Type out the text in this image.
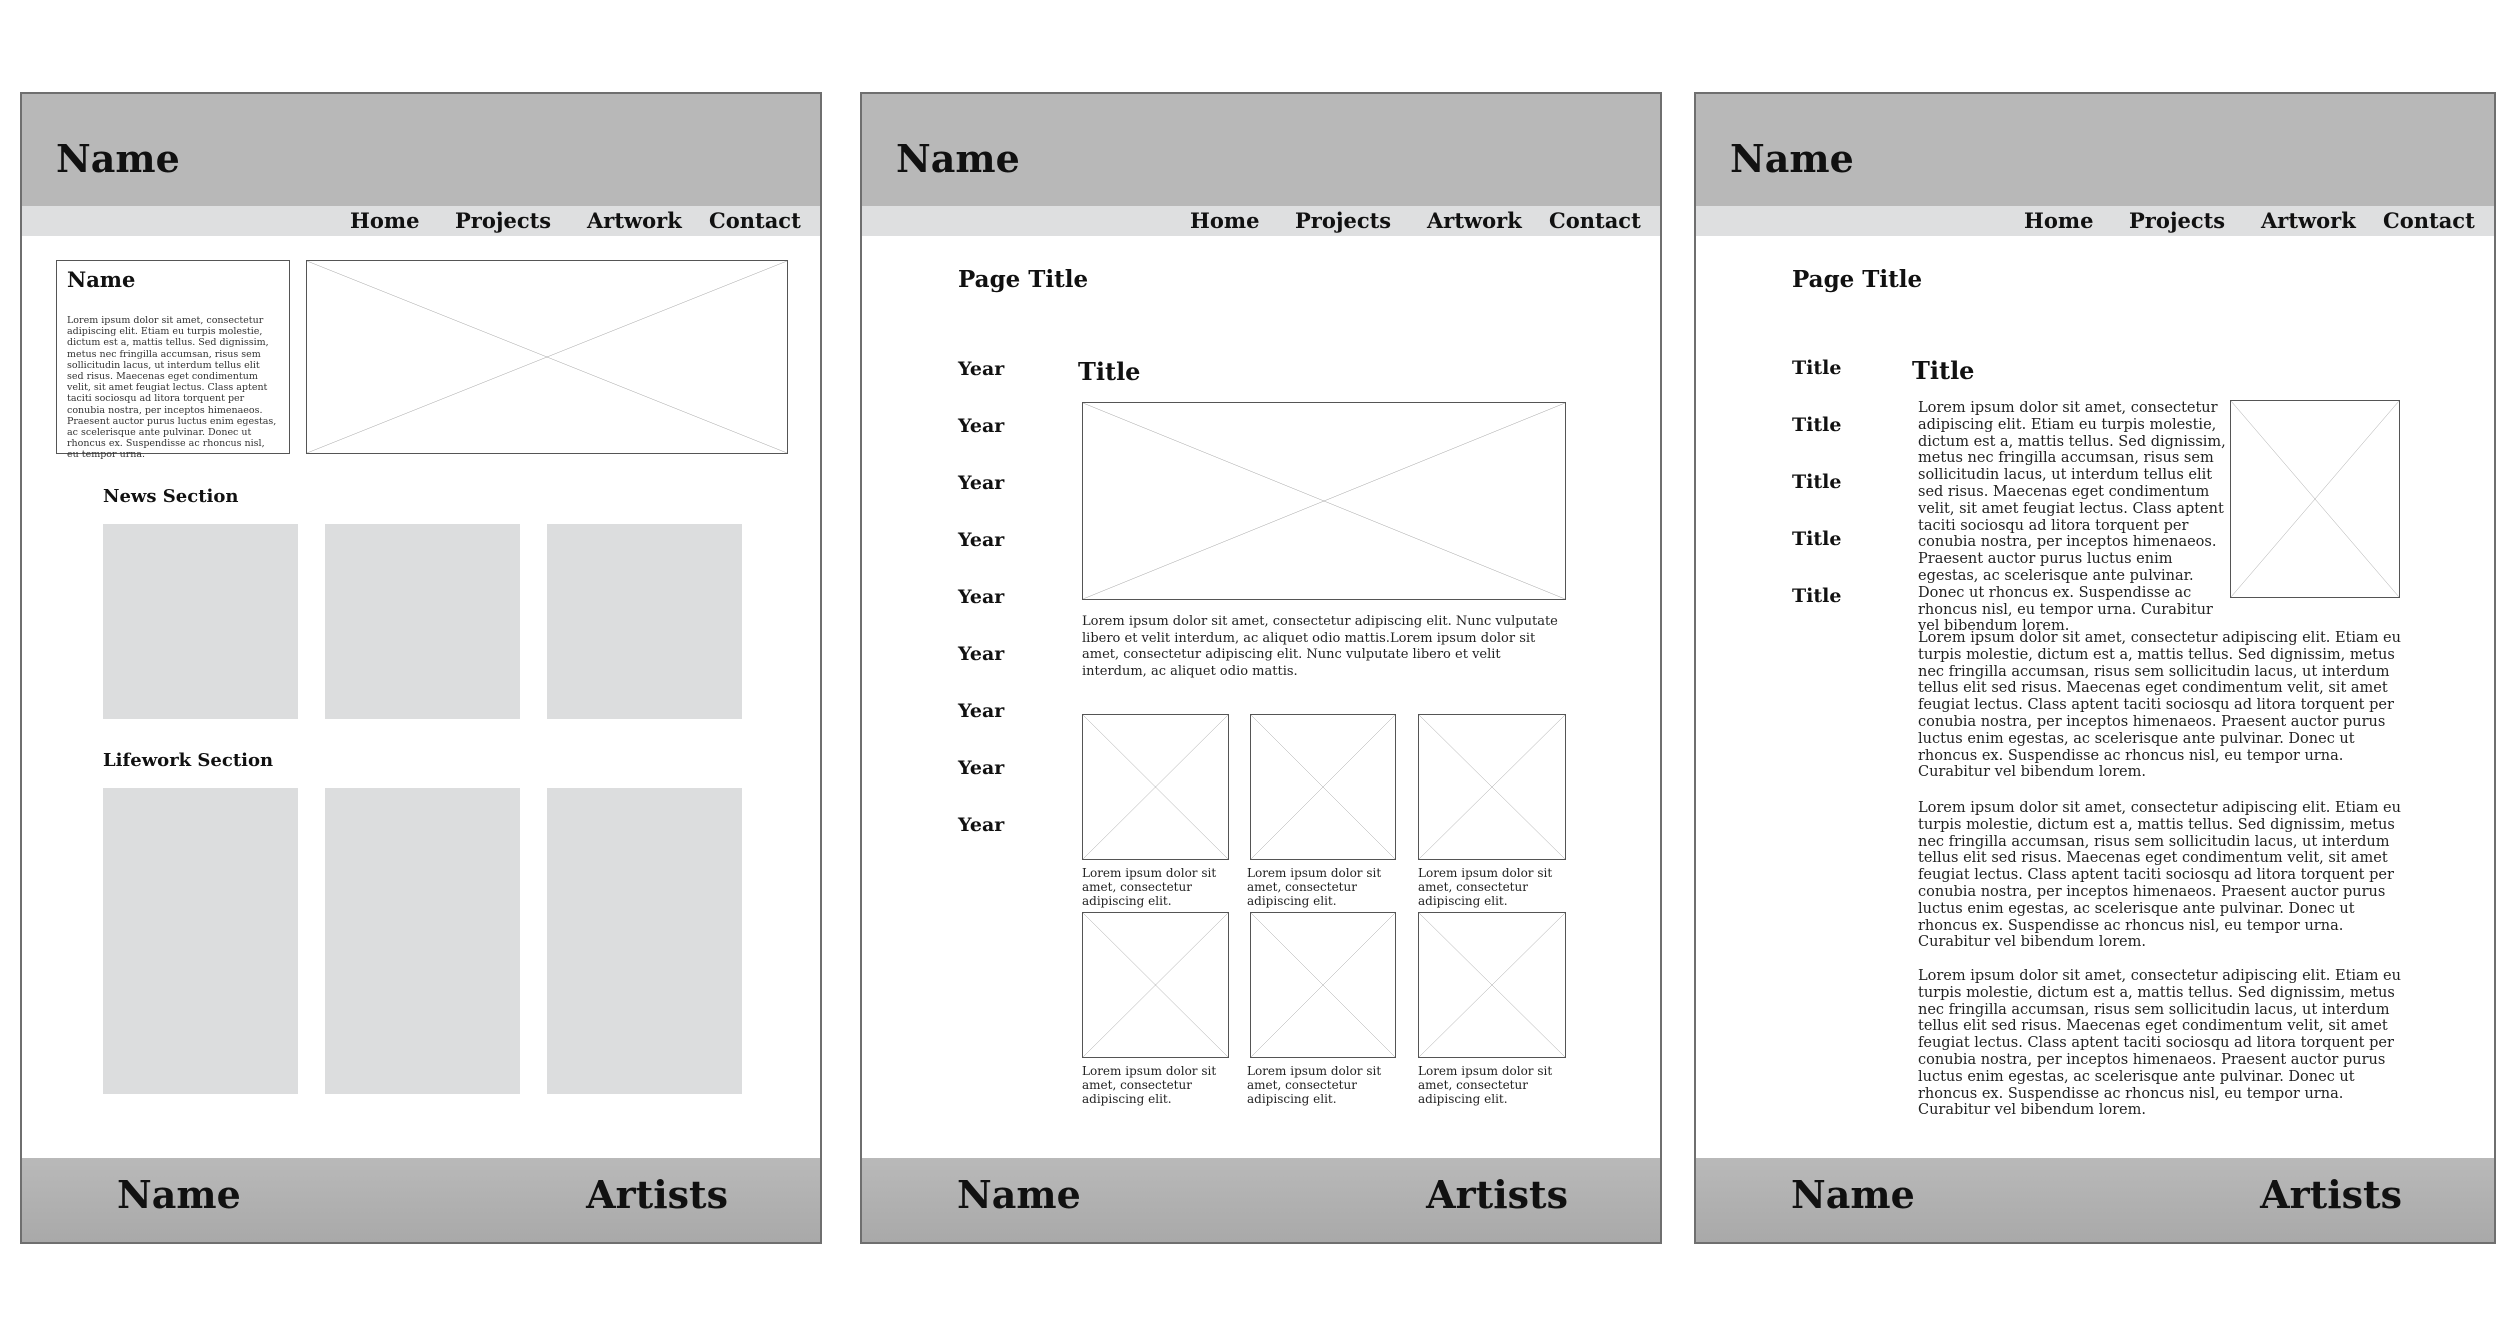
Name
Home Projects Artwork Contact
Name
Lorem ipsum dolor sit amet, consectetur adipiscing elit. Etiam eu turpis molestie, dictum est a, mattis tellus. Sed dignissim, metus nec fringilla accumsan, risus sem sollicitudin lacus, ut interdum tellus elit sed risus. Maecenas eget condimentum velit, sit amet feugiat lectus. Class aptent taciti sociosqu ad litora torquent per conubia nostra, per inceptos himenaeos. Praesent auctor purus luctus enim egestas, ac scelerisque ante pulvinar. Donec ut rhoncus ex. Suspendisse ac rhoncus nisl, eu tempor urna.
News Section
Lifework Section
Name	Artists
Name
Home Projects Artwork Contact
Page Title
Year
Year
Year
Year
Year
Year
Year
Year
Year
Title
Lorem ipsum dolor sit amet, consectetur adipiscing elit. Nunc vulputate libero et velit interdum, ac aliquet odio mattis.Lorem ipsum dolor sit amet, consectetur adipiscing elit. Nunc vulputate libero et velit interdum, ac aliquet odio mattis.
Lorem ipsum dolor sit amet, consectetur adipiscing elit.
Lorem ipsum dolor sit amet, consectetur adipiscing elit.
Lorem ipsum dolor sit amet, consectetur adipiscing elit.
Lorem ipsum dolor sit amet, consectetur adipiscing elit.
Lorem ipsum dolor sit amet, consectetur adipiscing elit.
Lorem ipsum dolor sit amet, consectetur adipiscing elit.
Name	Artists
Name
Home Projects Artwork Contact
Page Title
Title
Title
Title
Title
Title
Title
Lorem ipsum dolor sit amet, consectetur adipiscing elit. Etiam eu turpis molestie, dictum est a, mattis tellus. Sed dignissim, metus nec fringilla accumsan, risus sem sollicitudin lacus, ut interdum tellus elit sed risus. Maecenas eget condimentum velit, sit amet feugiat lectus. Class aptent taciti sociosqu ad litora torquent per conubia nostra, per inceptos himenaeos. Praesent auctor purus luctus enim egestas, ac scelerisque ante pulvinar. Donec ut rhoncus ex. Suspendisse ac rhoncus nisl, eu tempor urna. Curabitur vel bibendum lorem.
Lorem ipsum dolor sit amet, consectetur adipiscing elit. Etiam eu turpis molestie, dictum est a, mattis tellus. Sed dignissim, metus nec fringilla accumsan, risus sem sollicitudin lacus, ut interdum tellus elit sed risus. Maecenas eget condimentum velit, sit amet feugiat lectus. Class aptent taciti sociosqu ad litora torquent per conubia nostra, per inceptos himenaeos. Praesent auctor purus luctus enim egestas, ac scelerisque ante pulvinar. Donec ut rhoncus ex. Suspendisse ac rhoncus nisl, eu tempor urna. Curabitur vel bibendum lorem.
Lorem ipsum dolor sit amet, consectetur adipiscing elit. Etiam eu turpis molestie, dictum est a, mattis tellus. Sed dignissim, metus nec fringilla accumsan, risus sem sollicitudin lacus, ut interdum tellus elit sed risus. Maecenas eget condimentum velit, sit amet feugiat lectus. Class aptent taciti sociosqu ad litora torquent per conubia nostra, per inceptos himenaeos. Praesent auctor purus luctus enim egestas, ac scelerisque ante pulvinar. Donec ut rhoncus ex. Suspendisse ac rhoncus nisl, eu tempor urna. Curabitur vel bibendum lorem.
Lorem ipsum dolor sit amet, consectetur adipiscing elit. Etiam eu turpis molestie, dictum est a, mattis tellus. Sed dignissim, metus nec fringilla accumsan, risus sem sollicitudin lacus, ut interdum tellus elit sed risus. Maecenas eget condimentum velit, sit amet feugiat lectus. Class aptent taciti sociosqu ad litora torquent per conubia nostra, per inceptos himenaeos. Praesent auctor purus luctus enim egestas, ac scelerisque ante pulvinar. Donec ut rhoncus ex. Suspendisse ac rhoncus nisl, eu tempor urna. Curabitur vel bibendum lorem.
Name	Artists
